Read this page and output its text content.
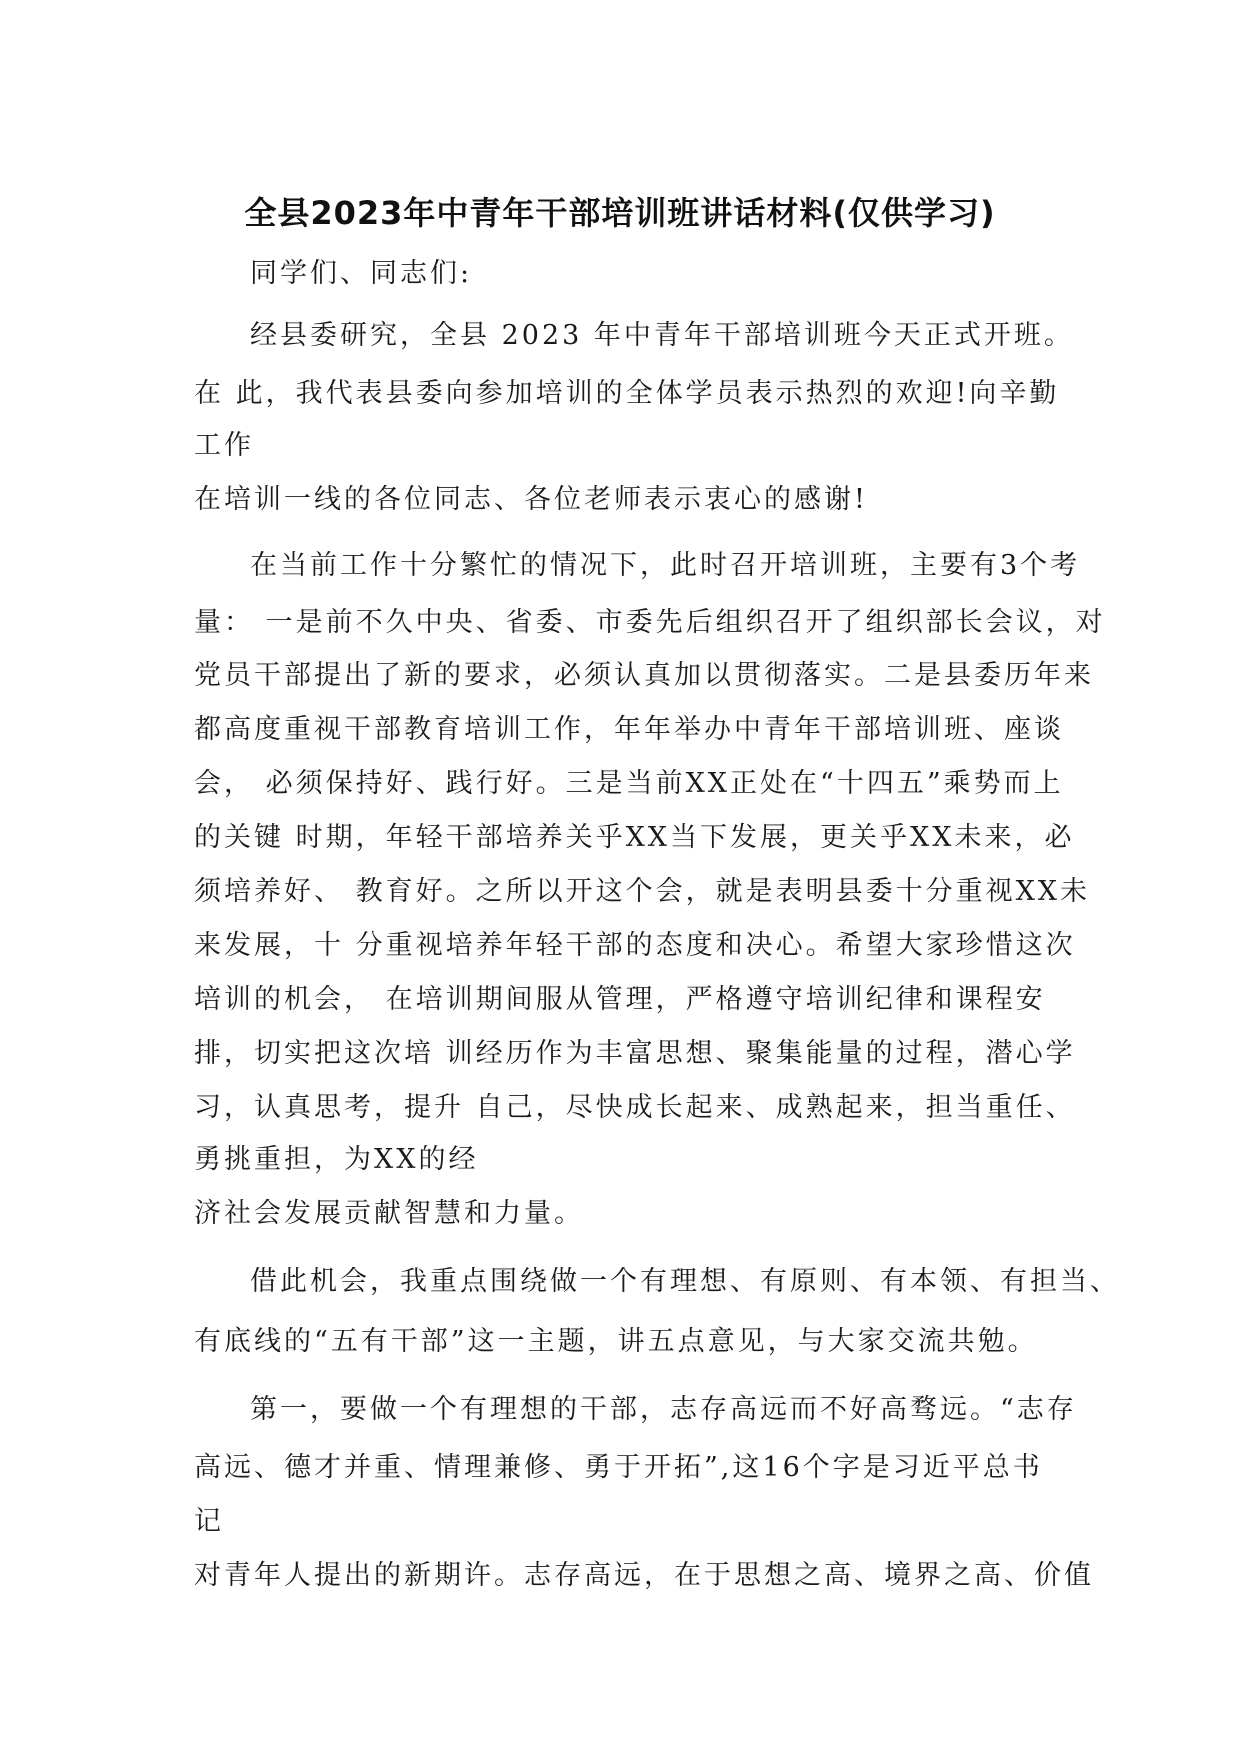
全县2023年中青年干部培训班讲话材料(仅供学习)
同学们、同志们:
经县委研究，全县 2023 年中青年干部培训班今天正式开班。
在 此，我代表县委向参加培训的全体学员表示热烈的欢迎!向辛勤
工作
在培训一线的各位同志、各位老师表示衷心的感谢!
在当前工作十分繁忙的情况下，此时召开培训班，主要有3个考
量： 一是前不久中央、省委、市委先后组织召开了组织部长会议，对
党员干部提出了新的要求，必须认真加以贯彻落实。二是县委历年来
都高度重视干部教育培训工作，年年举办中青年干部培训班、座谈
会， 必须保持好、践行好。三是当前XX正处在“十四五”乘势而上
的关键 时期，年轻干部培养关乎XX当下发展，更关乎XX未来，必
须培养好、 教育好。之所以开这个会，就是表明县委十分重视XX未
来发展，十 分重视培养年轻干部的态度和决心。希望大家珍惜这次
培训的机会， 在培训期间服从管理，严格遵守培训纪律和课程安
排，切实把这次培 训经历作为丰富思想、聚集能量的过程，潜心学
习，认真思考，提升 自己，尽快成长起来、成熟起来，担当重任、
勇挑重担，为XX的经
济社会发展贡献智慧和力量。
借此机会，我重点围绕做一个有理想、有原则、有本领、有担当、
有底线的“五有干部”这一主题，讲五点意见，与大家交流共勉。
第一，要做一个有理想的干部，志存高远而不好高骛远。“志存
高远、德才并重、情理兼修、勇于开拓”,这16个字是习近平总书
记
对青年人提出的新期许。志存高远，在于思想之高、境界之高、价值
